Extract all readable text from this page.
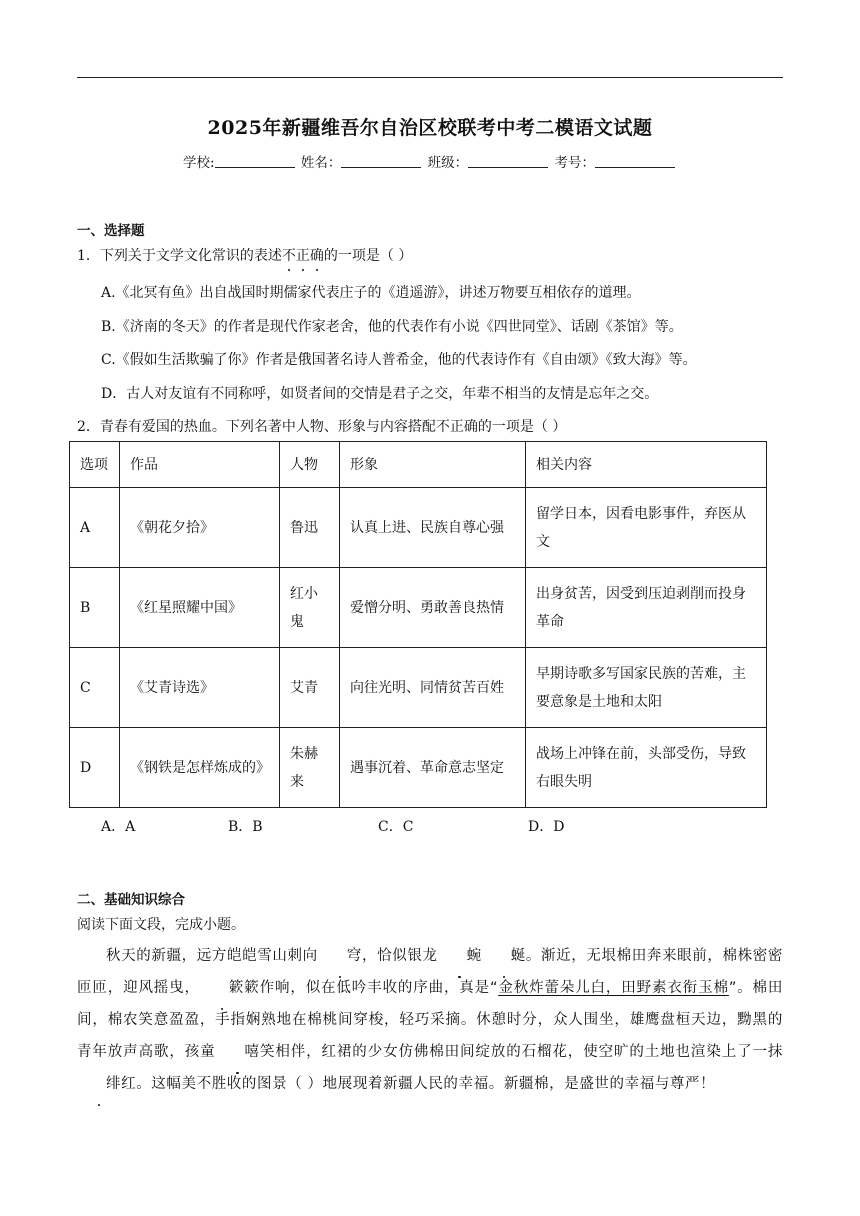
2025年新疆维吾尔自治区校联考中考二模语文试题
学校:	姓名：	班级：	考号：
一、选择题
1．下列关于文学文化常识的表述不正确的一项是（ ）
A.《北冥有鱼》出自战国时期儒家代表庄子的《逍遥游》，讲述万物要互相依存的道理。
B.《济南的冬天》的作者是现代作家老舍，他的代表作有小说《四世同堂》、话剧《茶馆》等。
C.《假如生活欺骗了你》作者是俄国著名诗人普希金，他的代表诗作有《自由颂》《致大海》等。
D．古人对友谊有不同称呼，如贤者间的交情是君子之交，年辈不相当的友情是忘年之交。
2．青春有爱国的热血。下列名著中人物、形象与内容搭配不正确的一项是（ ）
选项	作品	人物	形象	相关内容
A	《朝花夕拾》	鲁迅	认真上进、民族自尊心强	留学日本，因看电影事件，弃医从文
B	《红星照耀中国》	红小鬼	爱憎分明、勇敢善良热情	出身贫苦，因受到压迫剥削而投身革命
C	《艾青诗选》	艾青	向往光明、同情贫苦百姓	早期诗歌多写国家民族的苦难，主要意象是土地和太阳
D	《钢铁是怎样炼成的》	朱赫来	遇事沉着、革命意志坚定	战场上冲锋在前，头部受伤，导致右眼失明
A．A	B．B	C．C	D．D
二、基础知识综合
阅读下面文段，完成小题。

秋天的新疆，远方皑皑雪山刺向 穹，恰似银龙 蜿 蜒。渐近，无垠棉田奔来眼前，棉株密密匝匝，迎风摇曳， 簌簌作响，似在低吟丰收的序曲，真是“金秋炸蕾朵儿白，田野素衣衔玉棉”。棉田间，棉农笑意盈盈，手指娴熟地在棉桃间穿梭，轻巧采摘。休憩时分，众人围坐，雄鹰盘桓天边，黝黑的青年放声高歌，孩童 嘻笑相伴，红裙的少女仿佛棉田间绽放的石榴花，使空旷的土地也渲染上了一抹绯红。这幅美不胜收的图景（ ）地展现着新疆人民的幸福。新疆棉，是盛世的幸福与尊严！
